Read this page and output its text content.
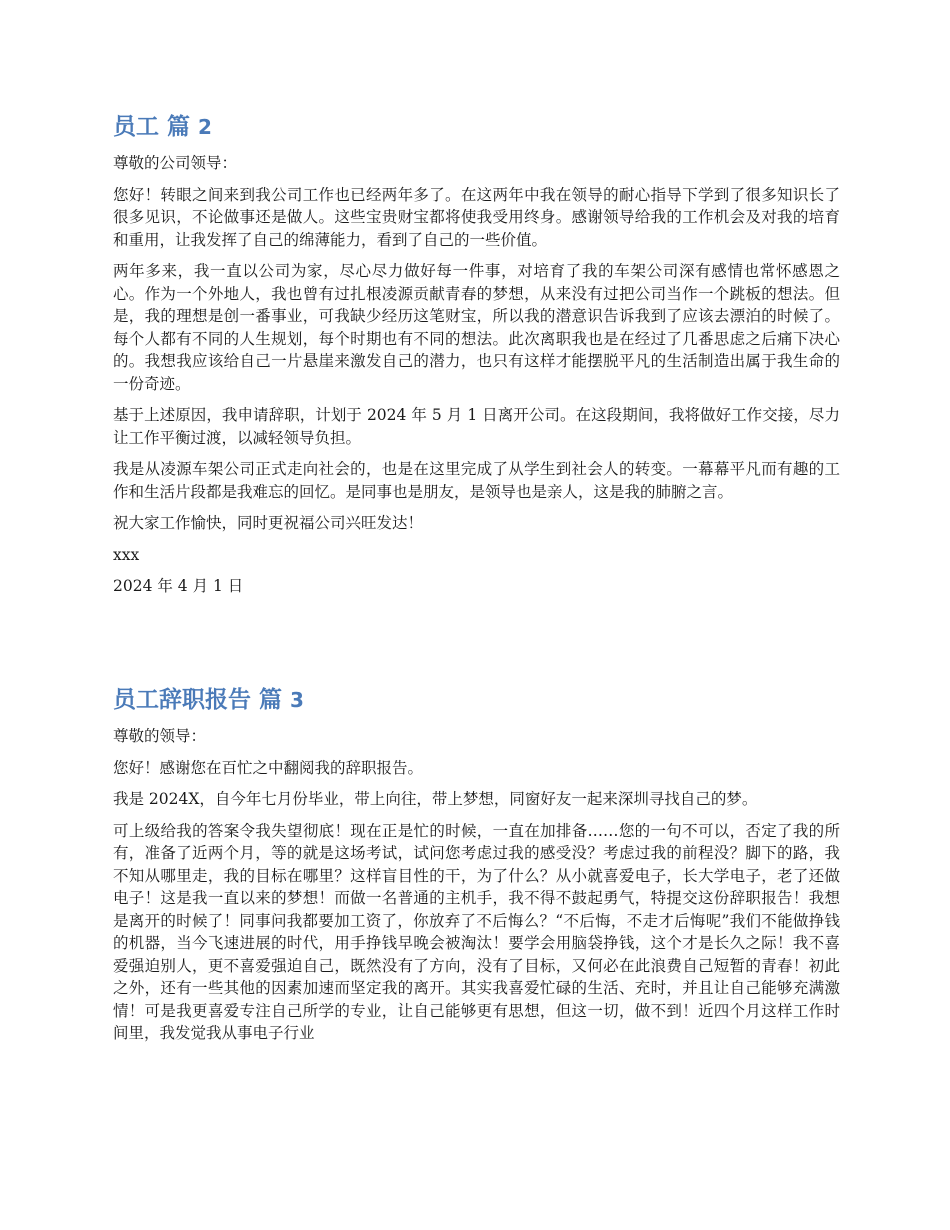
员工 篇 2

尊敬的公司领导：

您好！转眼之间来到我公司工作也已经两年多了。在这两年中我在领导的耐心指导下学到了很多知识长了很多见识，不论做事还是做人。这些宝贵财宝都将使我受用终身。感谢领导给我的工作机会及对我的培育和重用，让我发挥了自己的绵薄能力，看到了自己的一些价值。

两年多来，我一直以公司为家，尽心尽力做好每一件事，对培育了我的车架公司深有感情也常怀感恩之心。作为一个外地人，我也曾有过扎根凌源贡献青春的梦想，从来没有过把公司当作一个跳板的想法。但是，我的理想是创一番事业，可我缺少经历这笔财宝，所以我的潜意识告诉我到了应该去漂泊的时候了。每个人都有不同的人生规划，每个时期也有不同的想法。此次离职我也是在经过了几番思虑之后痛下决心的。我想我应该给自己一片悬崖来激发自己的潜力，也只有这样才能摆脱平凡的生活制造出属于我生命的一份奇迹。

基于上述原因，我申请辞职，计划于 2024 年 5 月 1 日离开公司。在这段期间，我将做好工作交接，尽力让工作平衡过渡，以减轻领导负担。

我是从凌源车架公司正式走向社会的，也是在这里完成了从学生到社会人的转变。一幕幕平凡而有趣的工作和生活片段都是我难忘的回忆。是同事也是朋友，是领导也是亲人，这是我的肺腑之言。

祝大家工作愉快，同时更祝福公司兴旺发达！

xxx

2024 年 4 月 1 日

员工辞职报告 篇 3

尊敬的领导：

您好！感谢您在百忙之中翻阅我的辞职报告。

我是 2024X，自今年七月份毕业，带上向往，带上梦想，同窗好友一起来深圳寻找自己的梦。

可上级给我的答案令我失望彻底！现在正是忙的时候，一直在加排备……您的一句不可以，否定了我的所有，准备了近两个月，等的就是这场考试，试问您考虑过我的感受没？考虑过我的前程没？脚下的路，我不知从哪里走，我的目标在哪里？这样盲目性的干，为了什么？从小就喜爱电子，长大学电子，老了还做电子！这是我一直以来的梦想！而做一名普通的主机手，我不得不鼓起勇气，特提交这份辞职报告！我想是离开的时候了！同事问我都要加工资了，你放弃了不后悔么？“不后悔，不走才后悔呢”我们不能做挣钱的机器，当今飞速进展的时代，用手挣钱早晚会被淘汰！要学会用脑袋挣钱，这个才是长久之际！我不喜爱强迫别人，更不喜爱强迫自己，既然没有了方向，没有了目标，又何必在此浪费自己短暂的青春！初此之外，还有一些其他的因素加速而坚定我的离开。其实我喜爱忙碌的生活、充时，并且让自己能够充满激情！可是我更喜爱专注自己所学的专业，让自己能够更有思想，但这一切，做不到！近四个月这样工作时间里，我发觉我从事电子行业
